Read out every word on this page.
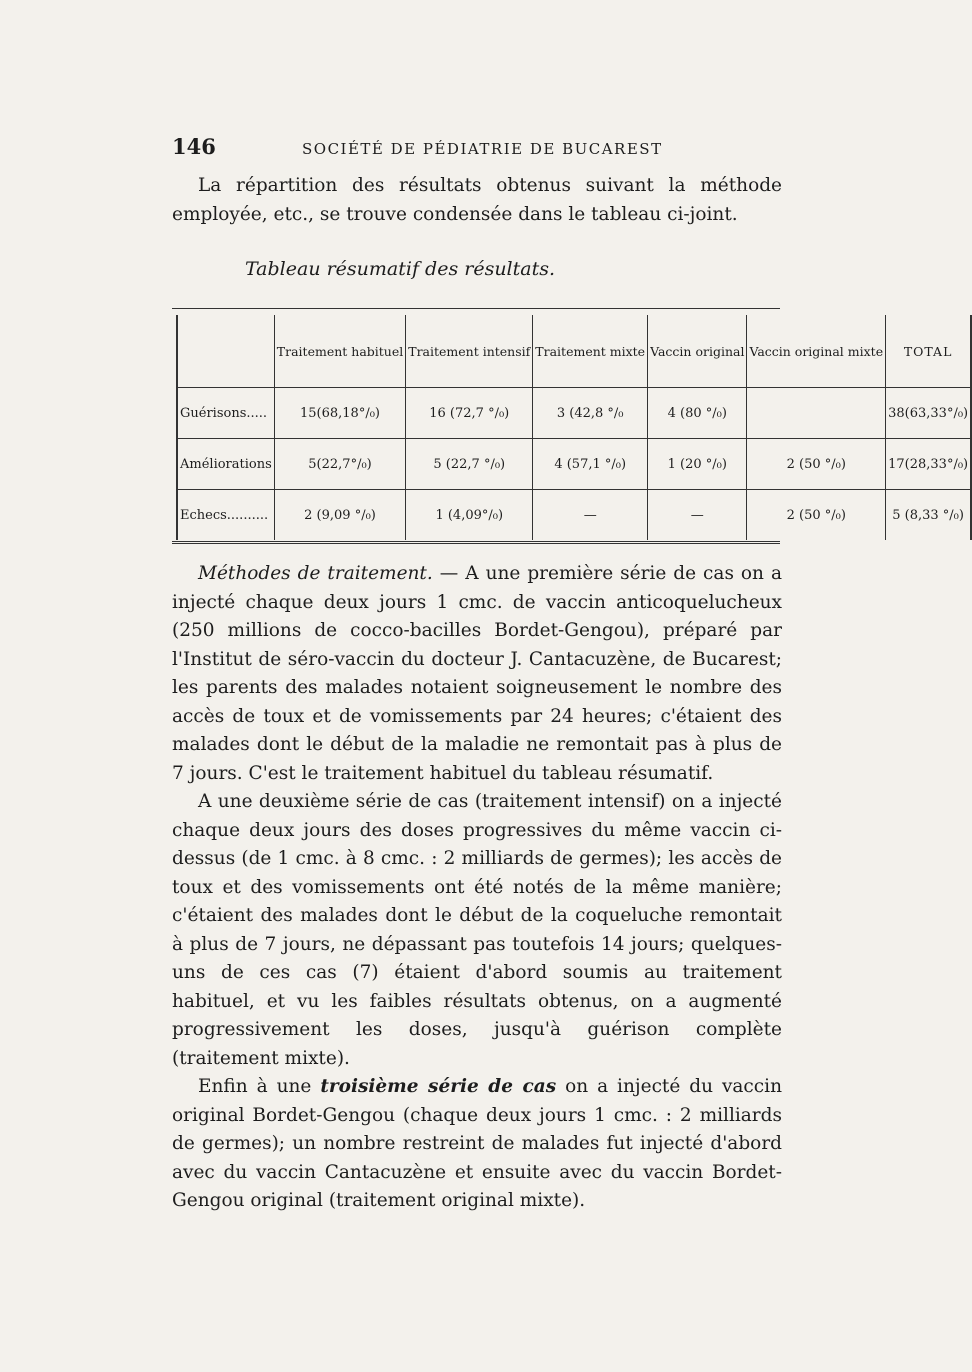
146	SOCIÉTÉ DE PÉDIATRIE DE BUCAREST

La répartition des résultats obtenus suivant la méthode employée, etc., se trouve condensée dans le tableau ci-joint.

Tableau résumatif des résultats.
	Traitement habituel	Traitement intensif	Traitement mixte	Vaccin original	Vaccin original mixte	TOTAL
Guérisons.....	15(68,18°/₀)	16 (72,7 °/₀)	3 (42,8 °/₀	4 (80 °/₀)		38(63,33°/₀)
Améliorations	5(22,7°/₀)	5 (22,7 °/₀)	4 (57,1 °/₀)	1 (20 °/₀)	2 (50 °/₀)	17(28,33°/₀)
Echecs..........	2 (9,09 °/₀)	1 (4,09°/₀)	—	—	2 (50 °/₀)	5 (8,33 °/₀)

Méthodes de traitement. — A une première série de cas on a injecté chaque deux jours 1 cmc. de vaccin anticoquelucheux (250 millions de cocco-bacilles Bordet-Gengou), préparé par l'Institut de séro-vaccin du docteur J. Cantacuzène, de Bucarest; les parents des malades notaient soigneusement le nombre des accès de toux et de vomissements par 24 heures; c'étaient des malades dont le début de la maladie ne remontait pas à plus de 7 jours. C'est le traitement habituel du tableau résumatif.

A une deuxième série de cas (traitement intensif) on a injecté chaque deux jours des doses progressives du même vaccin ci-dessus (de 1 cmc. à 8 cmc. : 2 milliards de germes); les accès de toux et des vomissements ont été notés de la même manière; c'étaient des malades dont le début de la coqueluche remontait à plus de 7 jours, ne dépassant pas toutefois 14 jours; quelques-uns de ces cas (7) étaient d'abord soumis au traitement habituel, et vu les faibles résultats obtenus, on a augmenté progressivement les doses, jusqu'à guérison complète (traitement mixte).

Enfin à une troisième série de cas on a injecté du vaccin original Bordet-Gengou (chaque deux jours 1 cmc. : 2 milliards de germes); un nombre restreint de malades fut injecté d'abord avec du vaccin Cantacuzène et ensuite avec du vaccin Bordet-Gengou original (traitement original mixte).
